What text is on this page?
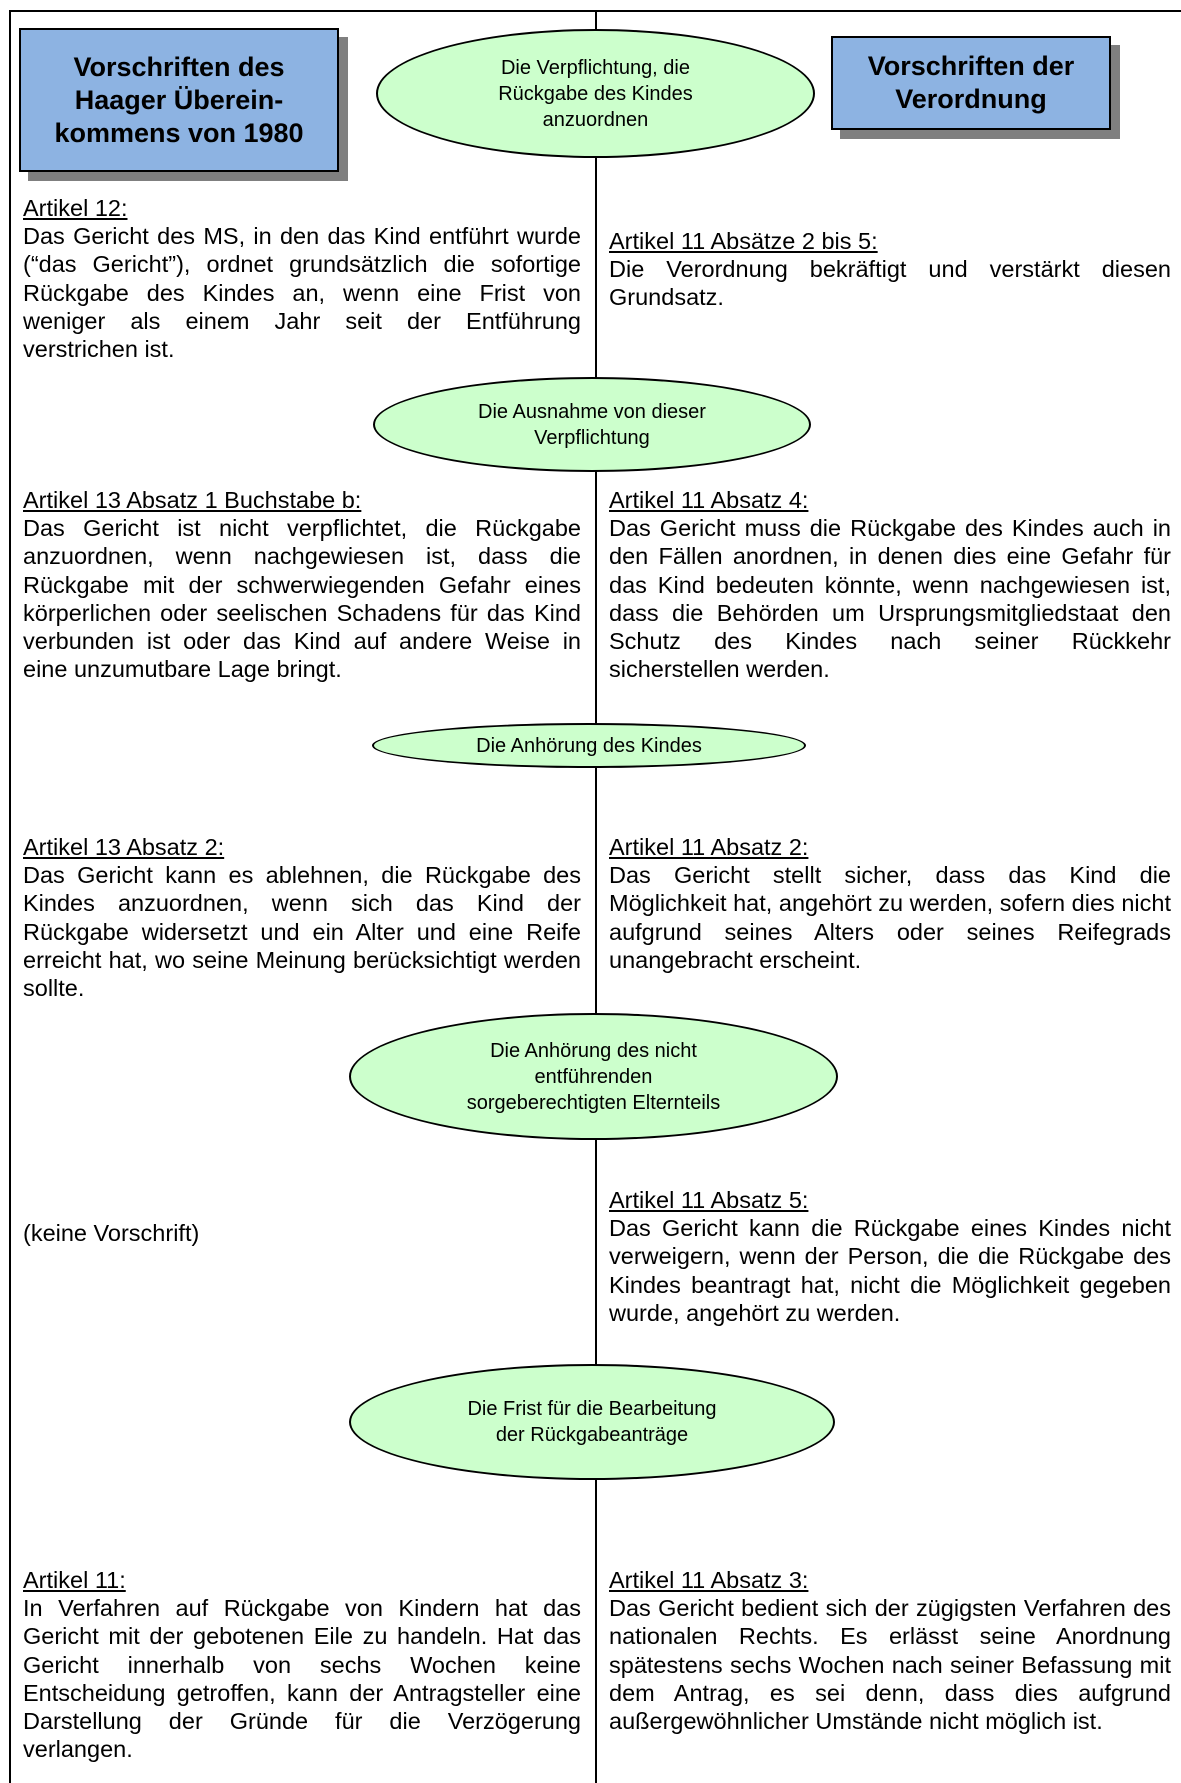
Vorschriften des
Haager Überein-
kommens von 1980
Vorschriften der
Verordnung
Die Verpflichtung, die
Rückgabe des Kindes
anzuordnen
Die Ausnahme von dieser
Verpflichtung
Die Anhörung des Kindes
Die Anhörung des nicht
entführenden
sorgeberechtigten Elternteils
Die Frist für die Bearbeitung
der Rückgabeanträge
Artikel 12:
Das Gericht des MS, in den das Kind entführt wurde (“das Gericht”), ordnet grundsätzlich die sofortige Rückgabe des Kindes an, wenn eine Frist von weniger als einem Jahr seit der Entführung verstrichen ist.
Artikel 11 Absätze 2 bis 5:
Die Verordnung bekräftigt und verstärkt diesen Grundsatz.
Artikel 13 Absatz 1 Buchstabe b:
Das Gericht ist nicht verpflichtet, die Rückgabe anzuordnen, wenn nachgewiesen ist, dass die Rückgabe mit der schwerwiegenden Gefahr eines körperlichen oder seelischen Schadens für das Kind verbunden ist oder das Kind auf andere Weise in eine unzumutbare Lage bringt.
Artikel 11 Absatz 4:
Das Gericht muss die Rückgabe des Kindes auch in den Fällen anordnen, in denen dies eine Gefahr für das Kind bedeuten könnte, wenn nachgewiesen ist, dass die Behörden um Ursprungsmitgliedstaat den Schutz des Kindes nach seiner Rückkehr sicherstellen werden.
Artikel 13 Absatz 2:
Das Gericht kann es ablehnen, die Rückgabe des Kindes anzuordnen, wenn sich das Kind der Rückgabe widersetzt und ein Alter und eine Reife erreicht hat, wo seine Meinung berücksichtigt werden sollte.
Artikel 11 Absatz 2:
Das Gericht stellt sicher, dass das Kind die Möglichkeit hat, angehört zu werden, sofern dies nicht aufgrund seines Alters oder seines Reifegrads unangebracht erscheint.
(keine Vorschrift)
Artikel 11 Absatz 5:
Das Gericht kann die Rückgabe eines Kindes nicht verweigern, wenn der Person, die die Rückgabe des Kindes beantragt hat, nicht die Möglichkeit gegeben wurde, angehört zu werden.
Artikel 11:
In Verfahren auf Rückgabe von Kindern hat das Gericht mit der gebotenen Eile zu handeln. Hat das Gericht innerhalb von sechs Wochen keine Entscheidung getroffen, kann der Antragsteller eine Darstellung der Gründe für die Verzögerung verlangen.
Artikel 11 Absatz 3:
Das Gericht bedient sich der zügigsten Verfahren des nationalen Rechts. Es erlässt seine Anordnung spätestens sechs Wochen nach seiner Befassung mit dem Antrag, es sei denn, dass dies aufgrund außergewöhnlicher Umstände nicht möglich ist.
